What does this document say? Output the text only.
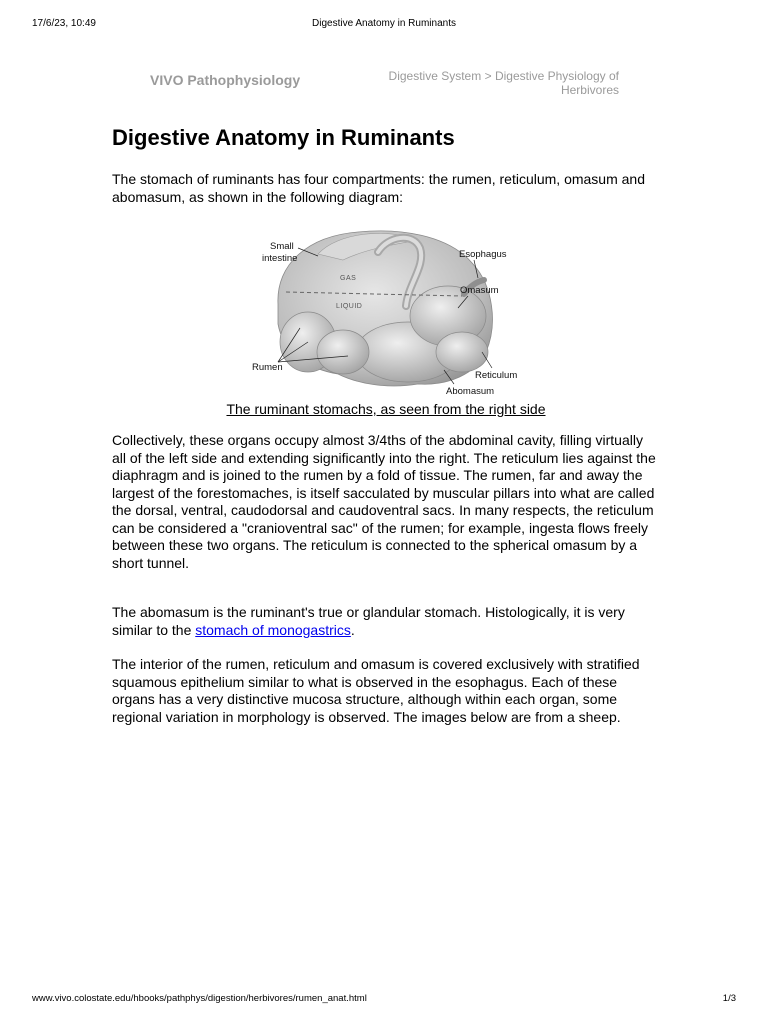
17/6/23, 10:49	Digestive Anatomy in Ruminants
VIVO Pathophysiology	Digestive System > Digestive Physiology of Herbivores
Digestive Anatomy in Ruminants

The stomach of ruminants has four compartments: the rumen, reticulum, omasum and abomasum, as shown in the following diagram:

GAS
LIQUID
Small
intestine	Esophagus
Omasum
Rumen
Reticulum
Abomasum
The ruminant stomachs, as seen from the right side

Collectively, these organs occupy almost 3/4ths of the abdominal cavity, filling virtually all of the left side and extending significantly into the right. The reticulum lies against the diaphragm and is joined to the rumen by a fold of tissue. The rumen, far and away the largest of the forestomaches, is itself sacculated by muscular pillars into what are called the dorsal, ventral, caudodorsal and caudoventral sacs. In many respects, the reticulum can be considered a "cranioventral sac" of the rumen; for example, ingesta flows freely between these two organs. The reticulum is connected to the spherical omasum by a short tunnel.

The abomasum is the ruminant's true or glandular stomach. Histologically, it is very similar to the stomach of monogastrics.

The interior of the rumen, reticulum and omasum is covered exclusively with stratified squamous epithelium similar to what is observed in the esophagus. Each of these organs has a very distinctive mucosa structure, although within each organ, some regional variation in morphology is observed. The images below are from a sheep.

www.vivo.colostate.edu/hbooks/pathphys/digestion/herbivores/rumen_anat.html	1/3
